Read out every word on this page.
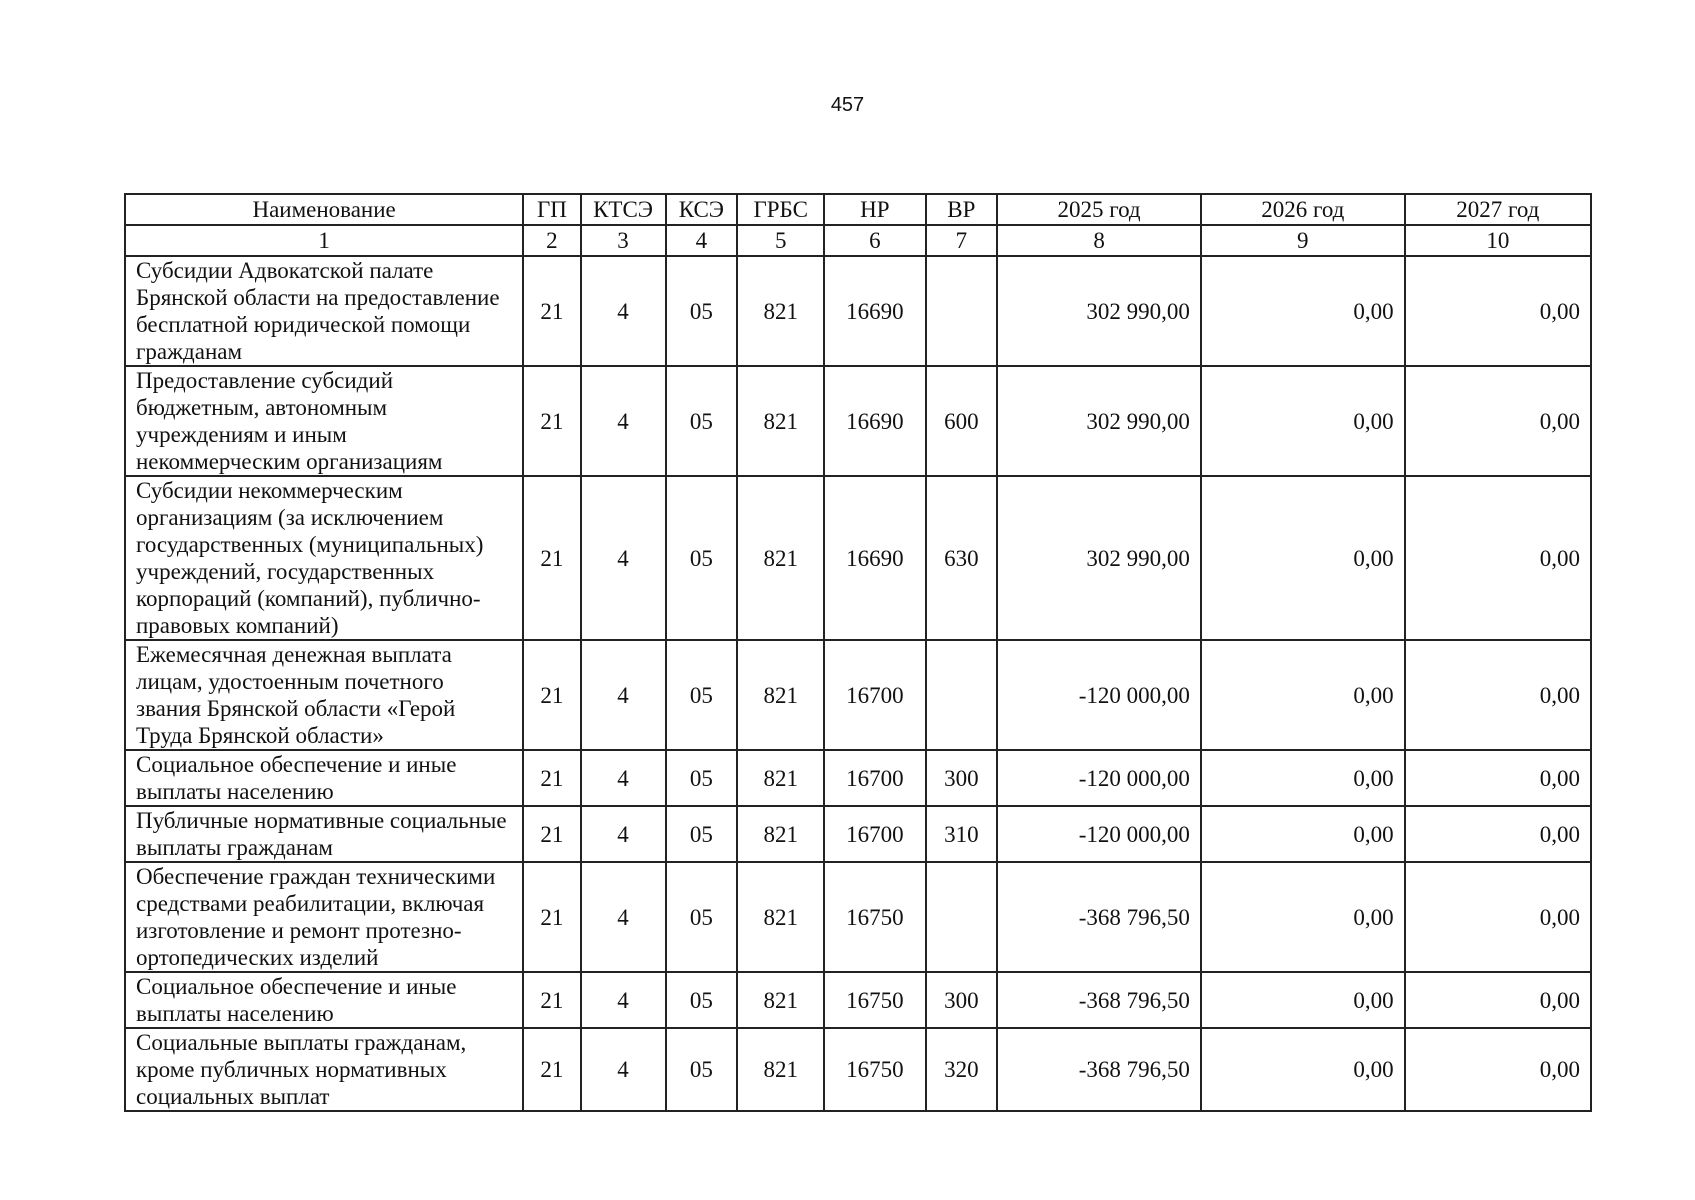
457
Наименование	ГП	КТСЭ	КСЭ	ГРБС	НР	ВР	2025 год	2026 год	2027 год
1	2	3	4	5	6	7	8	9	10
Субсидии Адвокатской палате Брянской области на предоставление бесплатной юридической помощи гражданам	21	4	05	821	16690		302 990,00	0,00	0,00
Предоставление субсидий бюджетным, автономным учреждениям и иным некоммерческим организациям	21	4	05	821	16690	600	302 990,00	0,00	0,00
Субсидии некоммерческим организациям (за исключением государственных (муниципальных) учреждений, государственных корпораций (компаний), публично-правовых компаний)	21	4	05	821	16690	630	302 990,00	0,00	0,00
Ежемесячная денежная выплата лицам, удостоенным почетного звания Брянской области «Герой Труда Брянской области»	21	4	05	821	16700		-120 000,00	0,00	0,00
Социальное обеспечение и иные выплаты населению	21	4	05	821	16700	300	-120 000,00	0,00	0,00
Публичные нормативные социальные выплаты гражданам	21	4	05	821	16700	310	-120 000,00	0,00	0,00
Обеспечение граждан техническими средствами реабилитации, включая изготовление и ремонт протезно-ортопедических изделий	21	4	05	821	16750		-368 796,50	0,00	0,00
Социальное обеспечение и иные выплаты населению	21	4	05	821	16750	300	-368 796,50	0,00	0,00
Социальные выплаты гражданам, кроме публичных нормативных социальных выплат	21	4	05	821	16750	320	-368 796,50	0,00	0,00
